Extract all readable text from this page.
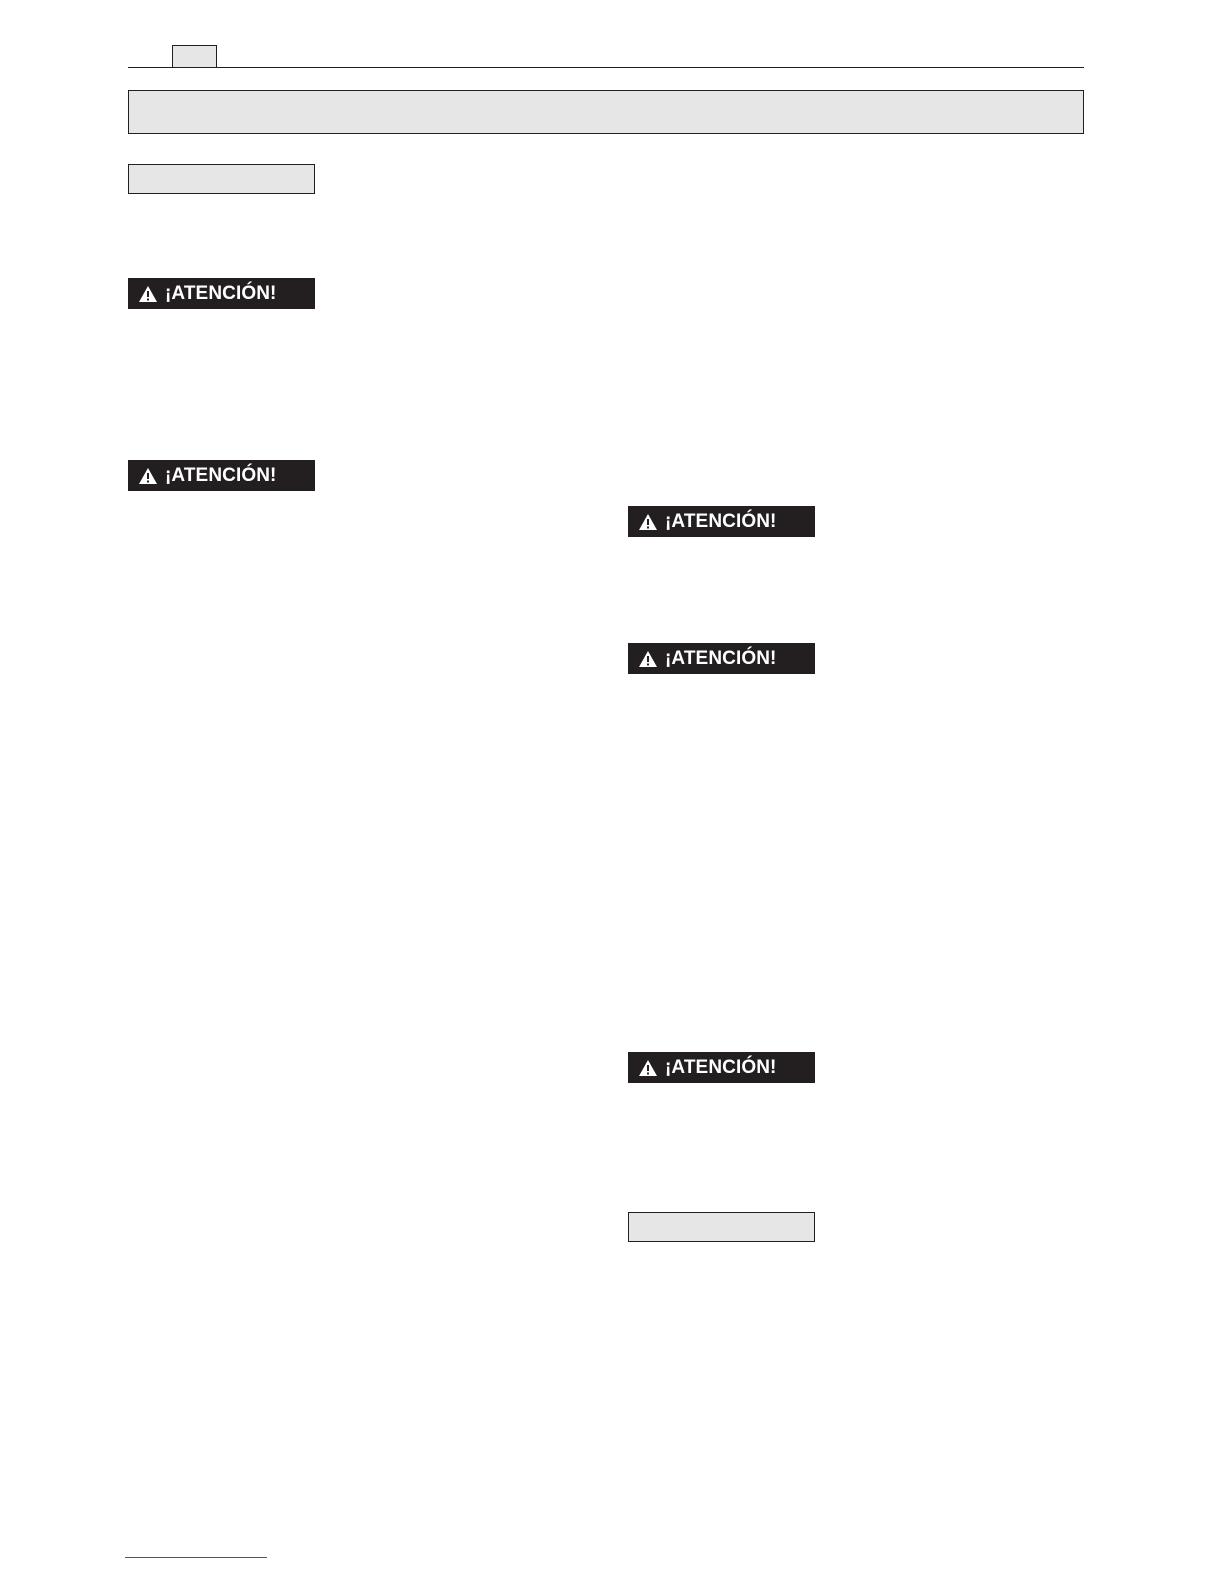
¡ATENCIÓN!
¡ATENCIÓN!
¡ATENCIÓN!
¡ATENCIÓN!
¡ATENCIÓN!
